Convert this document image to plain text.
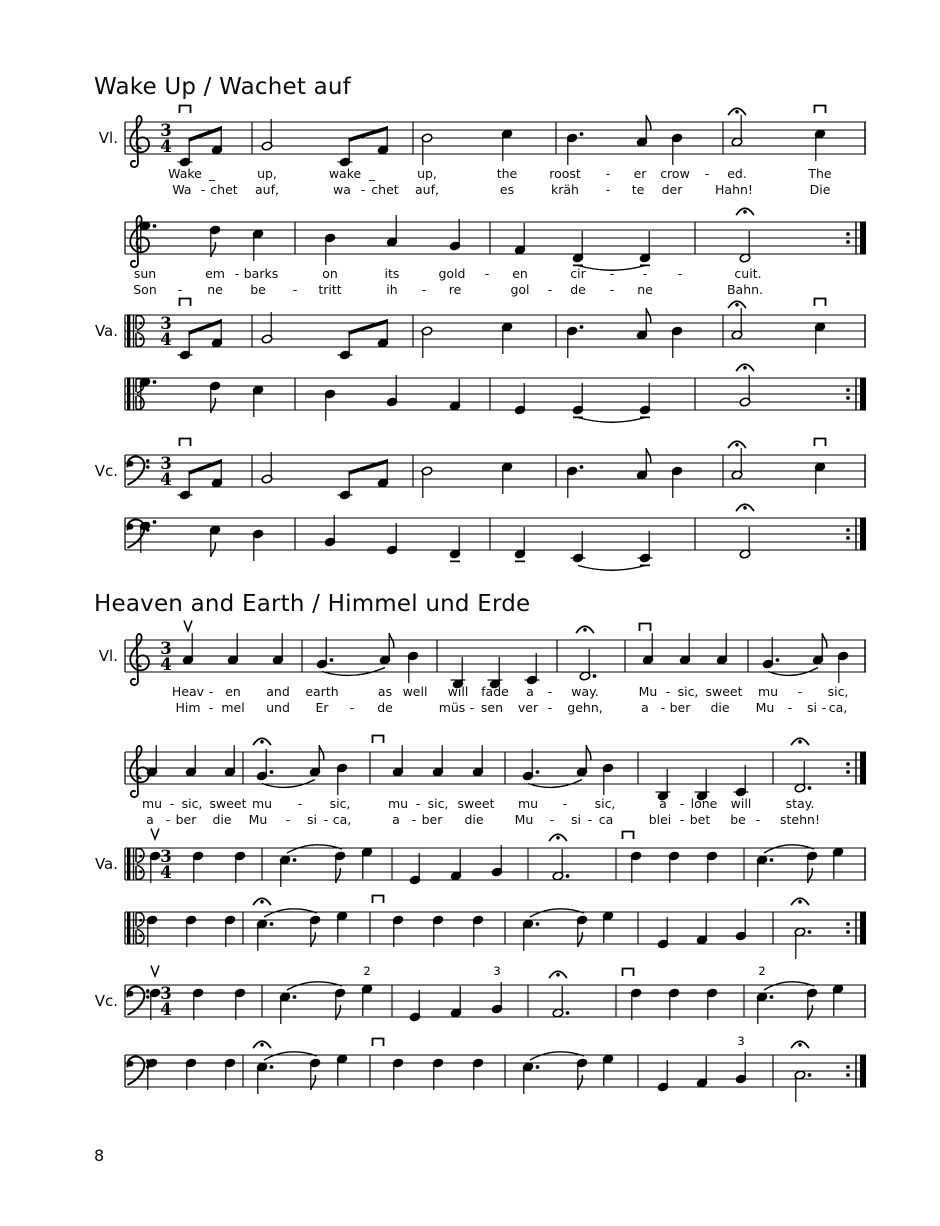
Vl.	3
4
Wake _	up,	wake _	up,	the	roost - er crow - ed.	The
Wa - chet auf,	wa - chet auf,	es	kräh - te der	Hahn!	Die
sun	em - barks	on	its	gold - en	cir - - -	cuit.
Son - ne be - tritt	ih - re	gol - de - ne	Bahn.
Va.	3
4
Vc.	3
4
Vl.	3
4
Heav - en and earth	as well will fade a - way.	Mu - sic, sweet mu - sic,
Him - mel und Er - de	müs - sen ver - gehn,	a - ber die Mu - si - ca,
mu - sic, sweet mu - sic,	mu - sic, sweet mu - sic,	a - lone will	stay.
a - ber die Mu - si - ca,	a - ber die Mu - si - ca	blei - bet be - stehn!
Va.	3
4
Vc.	3
4
2	3	2
3
Wake Up / Wachet auf
Heaven and Earth / Himmel und Erde
8
